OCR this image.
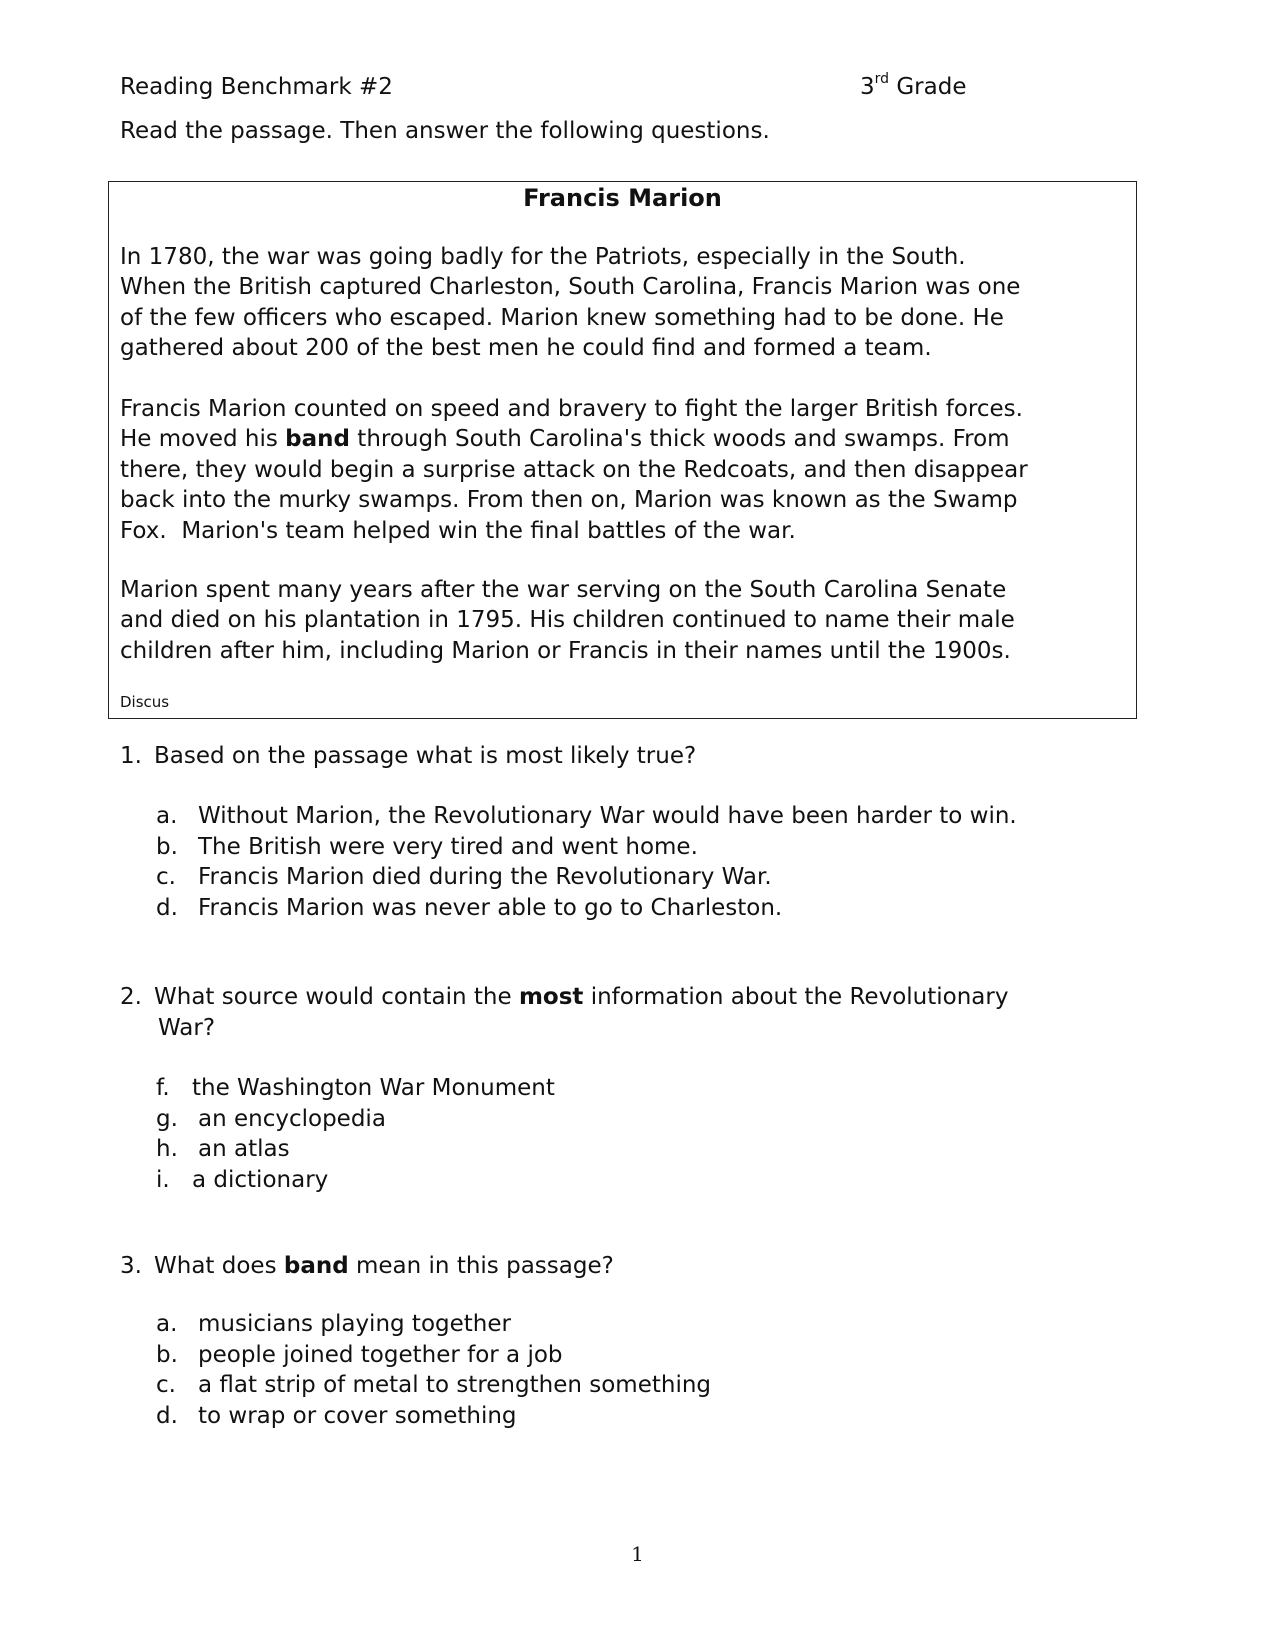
Reading Benchmark #2	3rd Grade
Read the passage. Then answer the following questions.
Francis Marion
In 1780, the war was going badly for the Patriots, especially in the South.
When the British captured Charleston, South Carolina, Francis Marion was one
of the few officers who escaped. Marion knew something had to be done. He
gathered about 200 of the best men he could find and formed a team.
Francis Marion counted on speed and bravery to fight the larger British forces.
He moved his band through South Carolina's thick woods and swamps. From
there, they would begin a surprise attack on the Redcoats, and then disappear
back into the murky swamps. From then on, Marion was known as the Swamp
Fox.  Marion's team helped win the final battles of the war.
Marion spent many years after the war serving on the South Carolina Senate
and died on his plantation in 1795. His children continued to name their male
children after him, including Marion or Francis in their names until the 1900s.
Discus
1. Based on the passage what is most likely true?
a. Without Marion, the Revolutionary War would have been harder to win.
b. The British were very tired and went home.
c. Francis Marion died during the Revolutionary War.
d. Francis Marion was never able to go to Charleston.
2. What source would contain the most information about the Revolutionary
War?
f. the Washington War Monument
g. an encyclopedia
h. an atlas
i. a dictionary
3. What does band mean in this passage?
a. musicians playing together
b. people joined together for a job
c. a flat strip of metal to strengthen something
d. to wrap or cover something
1
